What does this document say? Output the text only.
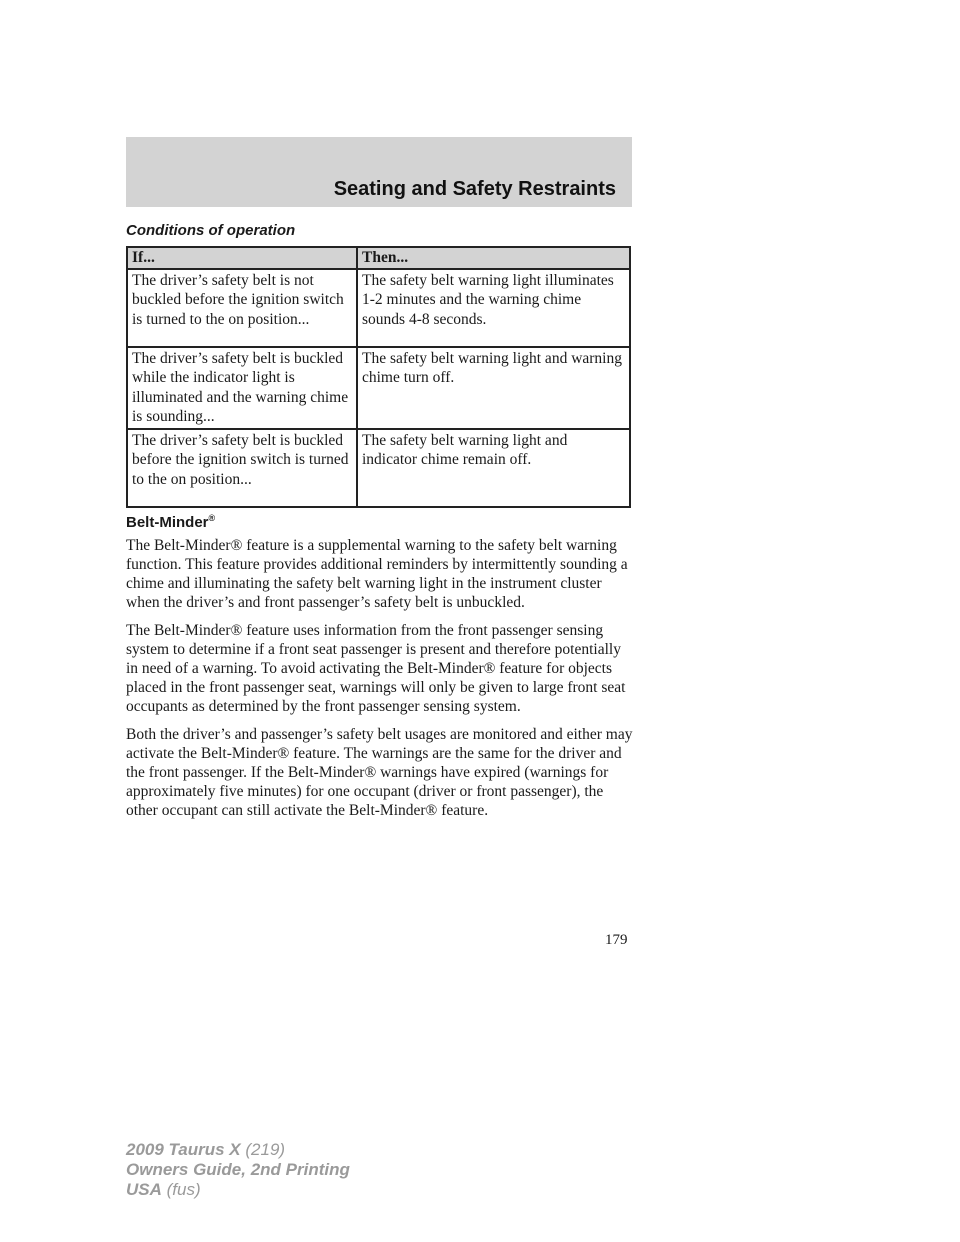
Seating and Safety Restraints
Conditions of operation
If...	Then...
The driver’s safety belt is not buckled before the ignition switch is turned to the on position...	The safety belt warning light illuminates 1-2 minutes and the warning chime sounds 4-8 seconds.
The driver’s safety belt is buckled while the indicator light is illuminated and the warning chime is sounding...	The safety belt warning light and warning chime turn off.
The driver’s safety belt is buckled before the ignition switch is turned to the on position...	The safety belt warning light and indicator chime remain off.
Belt-Minder®

The Belt-Minder® feature is a supplemental warning to the safety belt warning function. This feature provides additional reminders by intermittently sounding a chime and illuminating the safety belt warning light in the instrument cluster when the driver’s and front passenger’s safety belt is unbuckled.

The Belt-Minder® feature uses information from the front passenger sensing system to determine if a front seat passenger is present and therefore potentially in need of a warning. To avoid activating the Belt-Minder® feature for objects placed in the front passenger seat, warnings will only be given to large front seat occupants as determined by the front passenger sensing system.

Both the driver’s and passenger’s safety belt usages are monitored and either may activate the Belt-Minder® feature. The warnings are the same for the driver and the front passenger. If the Belt-Minder® warnings have expired (warnings for approximately five minutes) for one occupant (driver or front passenger), the other occupant can still activate the Belt-Minder® feature.

179
2009 Taurus X (219)
Owners Guide, 2nd Printing
USA (fus)
